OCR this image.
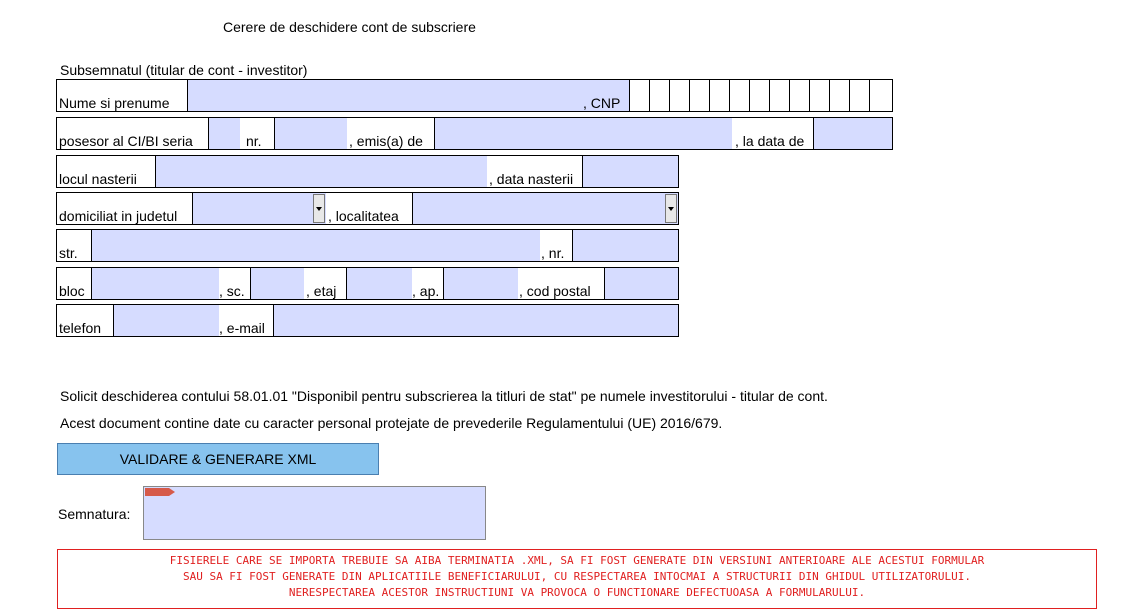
Cerere de deschidere cont de subscriere
Subsemnatul (titular de cont - investitor)
Nume si prenume	, CNP
posesor al CI/BI seria	nr.	, emis(a) de	, la data de
locul nasterii	, data nasterii
domiciliat in judetul	, localitatea
str.	, nr.
bloc	, sc.	, etaj	, ap.	, cod postal
telefon	, e-mail
Solicit deschiderea contului 58.01.01 "Disponibil pentru subscrierea la titluri de stat" pe numele investitorului - titular de cont.
Acest document contine date cu caracter personal protejate de prevederile Regulamentului (UE) 2016/679.
VALIDARE & GENERARE XML
Semnatura:
FISIERELE CARE SE IMPORTA TREBUIE SA AIBA TERMINATIA .XML, SA FI FOST GENERATE DIN VERSIUNI ANTERIOARE ALE ACESTUI FORMULAR
SAU SA FI FOST GENERATE DIN APLICATIILE BENEFICIARULUI, CU RESPECTAREA INTOCMAI A STRUCTURII DIN GHIDUL UTILIZATORULUI.
NERESPECTAREA ACESTOR INSTRUCTIUNI VA PROVOCA O FUNCTIONARE DEFECTUOASA A FORMULARULUI.
